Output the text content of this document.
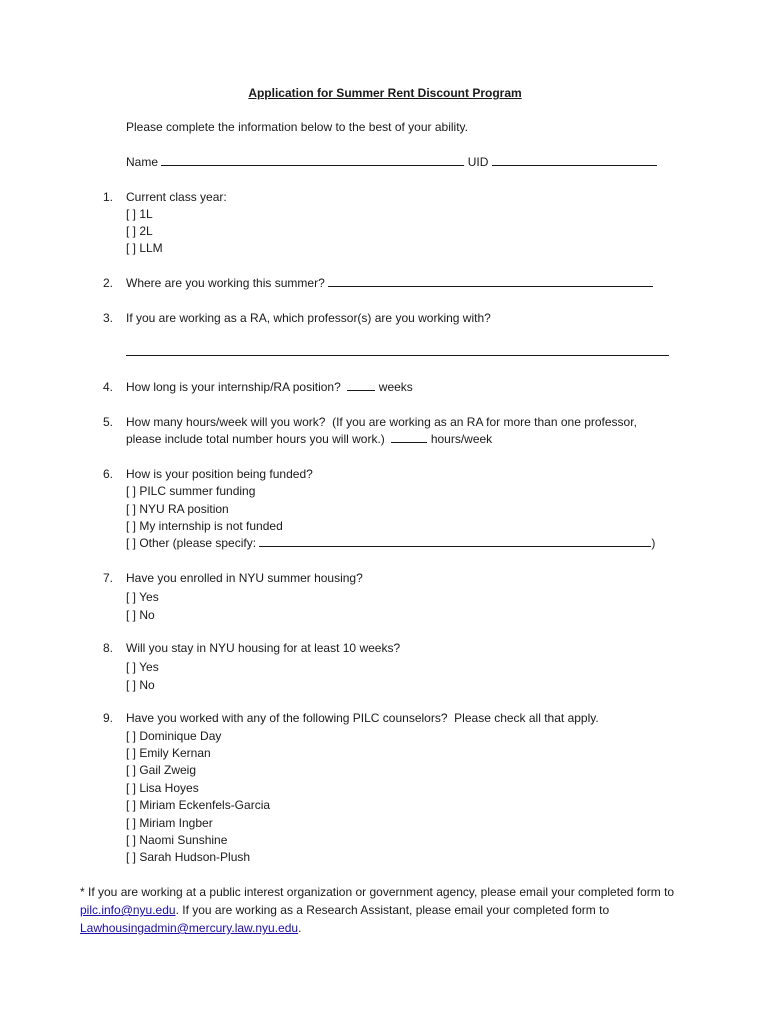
Application for Summer Rent Discount Program
Please complete the information below to the best of your ability.
Name	UID
1. Current class year:
[ ] 1L
[ ] 2L
[ ] LLM
2. Where are you working this summer?
3. If you are working as a RA, which professor(s) are you working with?
4. How long is your internship/RA position?	weeks
5. How many hours/week will you work?  (If you are working as an RA for more than one professor,
please include total number hours you will work.)	hours/week
6. How is your position being funded?
[ ] PILC summer funding
[ ] NYU RA position
[ ] My internship is not funded
[ ] Other (please specify:	)
7. Have you enrolled in NYU summer housing?
[ ] Yes
[ ] No
8. Will you stay in NYU housing for at least 10 weeks?
[ ] Yes
[ ] No
9. Have you worked with any of the following PILC counselors?  Please check all that apply.
[ ] Dominique Day
[ ] Emily Kernan
[ ] Gail Zweig
[ ] Lisa Hoyes
[ ] Miriam Eckenfels-Garcia
[ ] Miriam Ingber
[ ] Naomi Sunshine
[ ] Sarah Hudson-Plush
* If you are working at a public interest organization or government agency, please email your completed form to pilc.info@nyu.edu. If you are working as a Research Assistant, please email your completed form to Lawhousingadmin@mercury.law.nyu.edu.
